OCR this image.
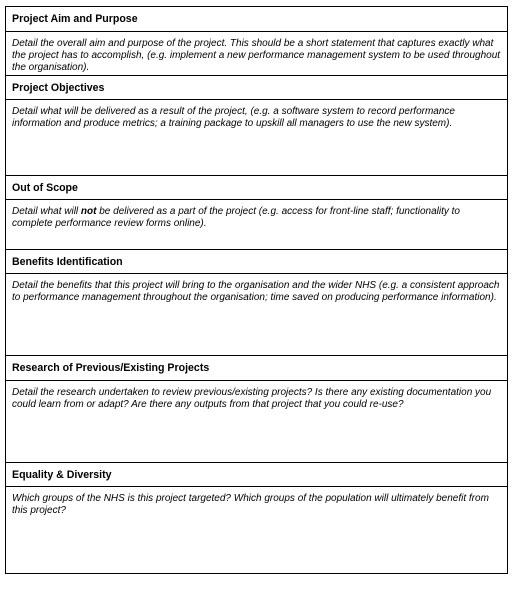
Project Aim and Purpose
Detail the overall aim and purpose of the project. This should be a short statement that captures exactly what the project has to accomplish, (e.g. implement a new performance management system to be used throughout the organisation).
Project Objectives
Detail what will be delivered as a result of the project, (e.g. a software system to record performance information and produce metrics; a training package to upskill all managers to use the new system).
Out of Scope
Detail what will not be delivered as a part of the project (e.g. access for front-line staff; functionality to complete performance review forms online).
Benefits Identification
Detail the benefits that this project will bring to the organisation and the wider NHS (e.g. a consistent approach to performance management throughout the organisation; time saved on producing performance information).
Research of Previous/Existing Projects
Detail the research undertaken to review previous/existing projects? Is there any existing documentation you could learn from or adapt? Are there any outputs from that project that you could re-use?
Equality & Diversity
Which groups of the NHS is this project targeted? Which groups of the population will ultimately benefit from this project?
